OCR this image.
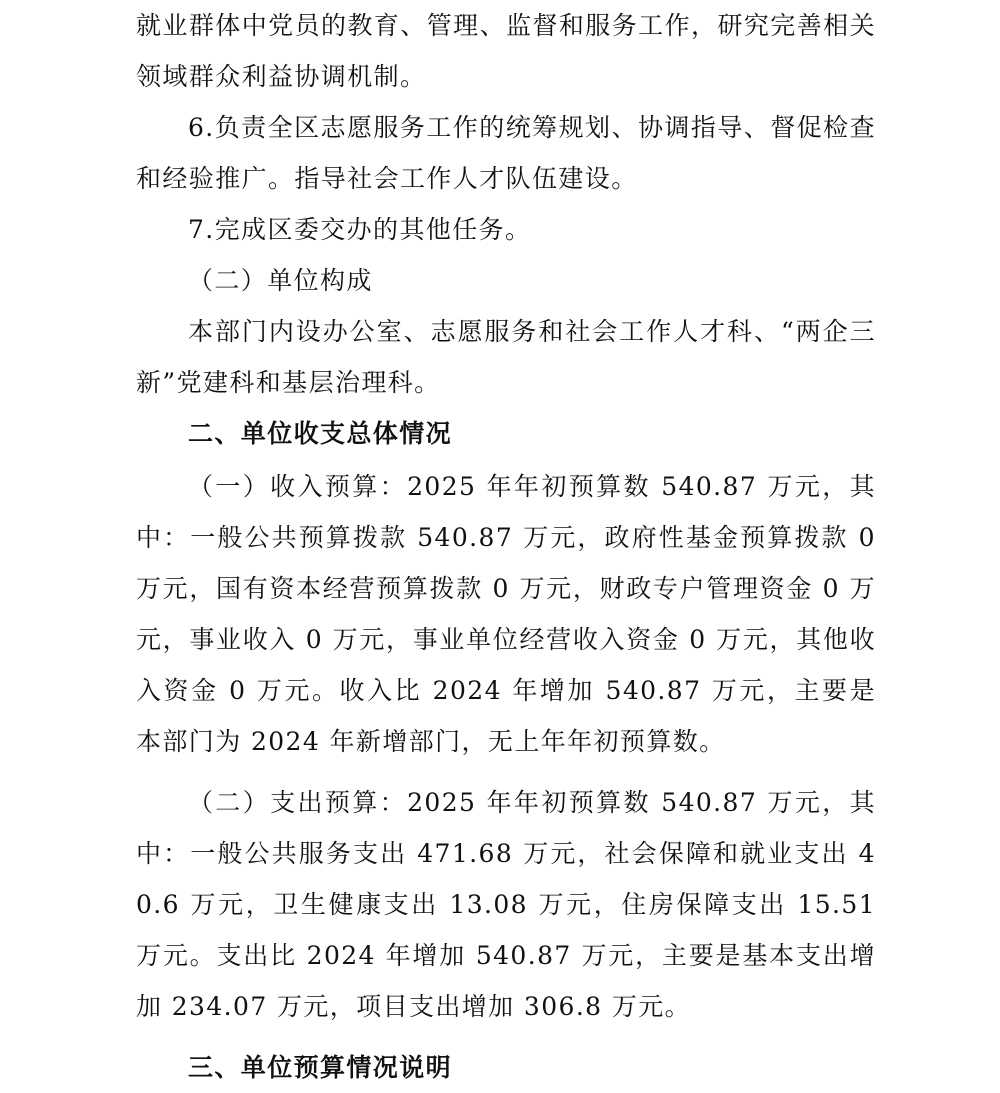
就业群体中党员的教育、管理、监督和服务工作，研究完善相关领域群众利益协调机制。

6.负责全区志愿服务工作的统筹规划、协调指导、督促检查和经验推广。指导社会工作人才队伍建设。

7.完成区委交办的其他任务。

（二）单位构成

本部门内设办公室、志愿服务和社会工作人才科、“两企三新”党建科和基层治理科。

二、单位收支总体情况

（一）收入预算：2025 年年初预算数 540.87 万元，其中：一般公共预算拨款 540.87 万元，政府性基金预算拨款 0 万元，国有资本经营预算拨款 0 万元，财政专户管理资金 0 万元，事业收入 0 万元，事业单位经营收入资金 0 万元，其他收入资金 0 万元。收入比 2024 年增加 540.87 万元，主要是本部门为 2024 年新增部门，无上年年初预算数。

（二）支出预算：2025 年年初预算数 540.87 万元，其中：一般公共服务支出 471.68 万元，社会保障和就业支出 40.6 万元，卫生健康支出 13.08 万元，住房保障支出 15.51 万元。支出比 2024 年增加 540.87 万元，主要是基本支出增加 234.07 万元，项目支出增加 306.8 万元。

三、单位预算情况说明
